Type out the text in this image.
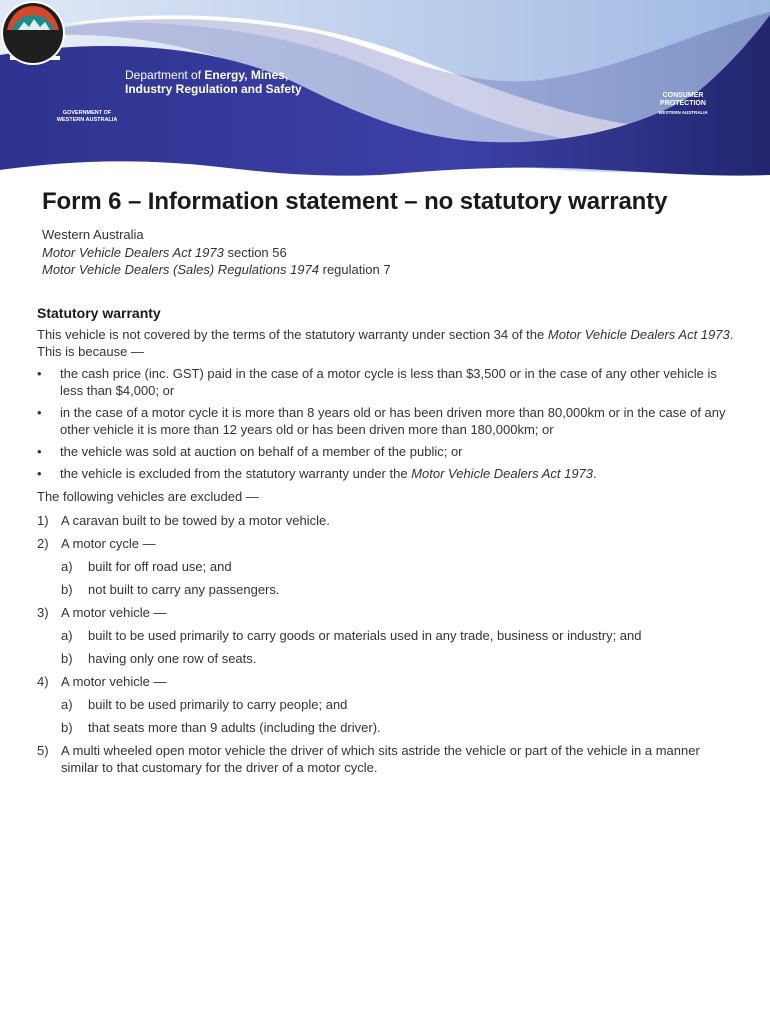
GOVERNMENT OF
WESTERN AUSTRALIA
Department of Energy, Mines,
Industry Regulation and Safety	CONSUMER
PROTECTION
WESTERN AUSTRALIA
Form 6 – Information statement – no statutory warranty
Western Australia
Motor Vehicle Dealers Act 1973 section 56
Motor Vehicle Dealers (Sales) Regulations 1974 regulation 7
Statutory warranty
This vehicle is not covered by the terms of the statutory warranty under section 34 of the Motor Vehicle Dealers Act 1973. This is because —
• the cash price (inc. GST) paid in the case of a motor cycle is less than $3,500 or in the case of any other vehicle is less than $4,000; or
• in the case of a motor cycle it is more than 8 years old or has been driven more than 80,000km or in the case of any other vehicle it is more than 12 years old or has been driven more than 180,000km; or
• the vehicle was sold at auction on behalf of a member of the public; or
• the vehicle is excluded from the statutory warranty under the Motor Vehicle Dealers Act 1973.
The following vehicles are excluded —
1) A caravan built to be towed by a motor vehicle.
2) A motor cycle —
a) built for off road use; and
b) not built to carry any passengers.
3) A motor vehicle —
a) built to be used primarily to carry goods or materials used in any trade, business or industry; and
b) having only one row of seats.
4) A motor vehicle —
a) built to be used primarily to carry people; and
b) that seats more than 9 adults (including the driver).
5) A multi wheeled open motor vehicle the driver of which sits astride the vehicle or part of the vehicle in a manner similar to that customary for the driver of a motor cycle.
